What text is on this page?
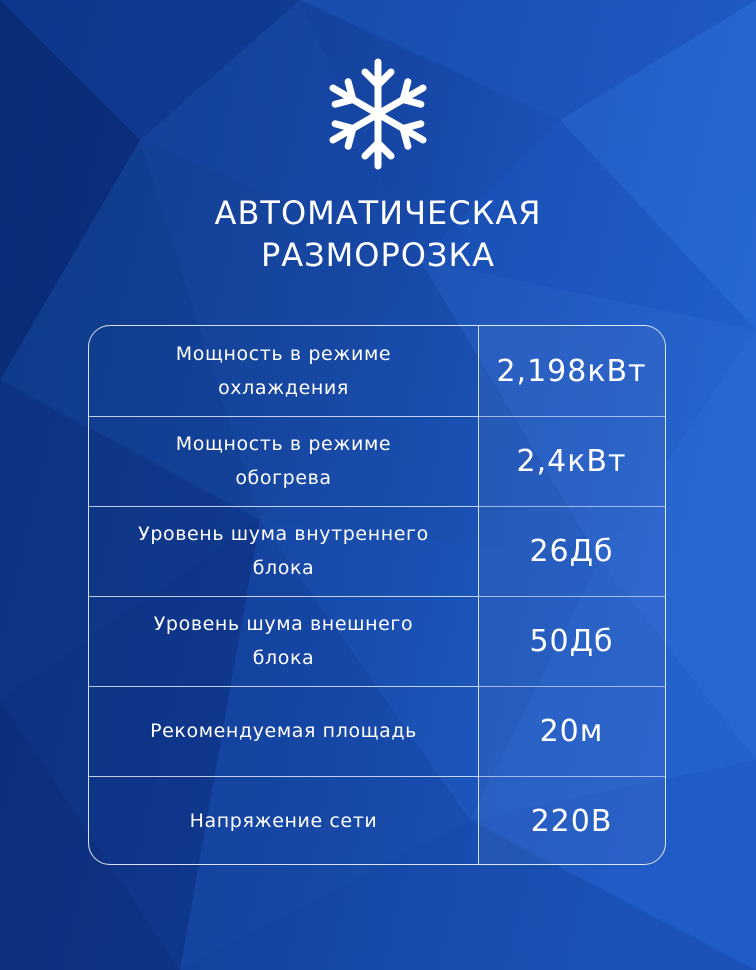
АВТОМАТИЧЕСКАЯ
РАЗМОРОЗКА
Мощность в режиме
охлаждения	2,198кВт
Мощность в режиме
обогрева	2,4кВт
Уровень шума внутреннего
блока	26Дб
Уровень шума внешнего
блока	50Дб
Рекомендуемая площадь	20м
Напряжение сети	220В
